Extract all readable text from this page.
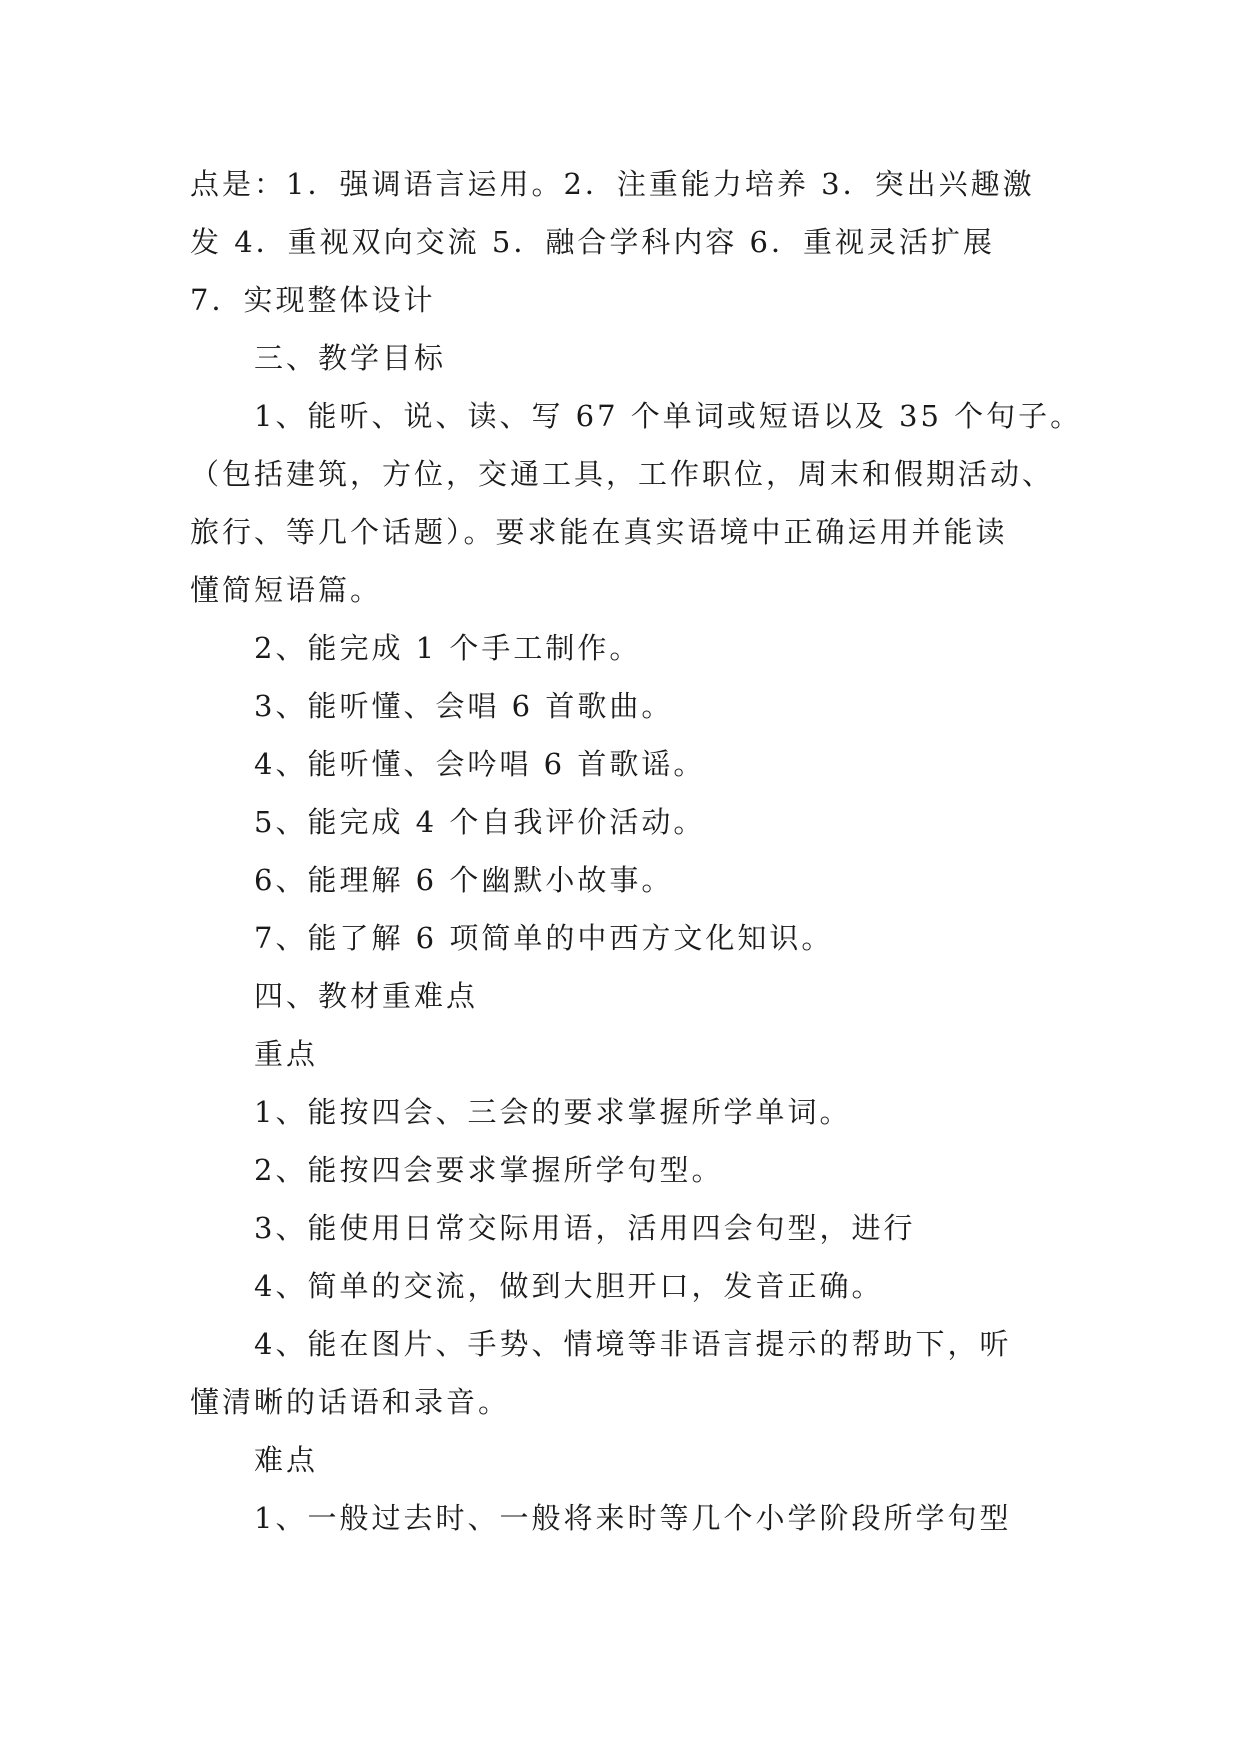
点是：1．强调语言运用。2．注重能力培养 3．突出兴趣激
发 4．重视双向交流 5．融合学科内容 6．重视灵活扩展
7．实现整体设计
三、教学目标
1、能听、说、读、写 67 个单词或短语以及 35 个句子。
（包括建筑，方位，交通工具，工作职位，周末和假期活动、
旅行、等几个话题）。要求能在真实语境中正确运用并能读
懂简短语篇。
2、能完成 1 个手工制作。
3、能听懂、会唱 6 首歌曲。
4、能听懂、会吟唱 6 首歌谣。
5、能完成 4 个自我评价活动。
6、能理解 6 个幽默小故事。
7、能了解 6 项简单的中西方文化知识。
四、教材重难点
重点
1、能按四会、三会的要求掌握所学单词。
2、能按四会要求掌握所学句型。
3、能使用日常交际用语，活用四会句型，进行
4、简单的交流，做到大胆开口，发音正确。
4、能在图片、手势、情境等非语言提示的帮助下，听
懂清晰的话语和录音。
难点
1、一般过去时、一般将来时等几个小学阶段所学句型
